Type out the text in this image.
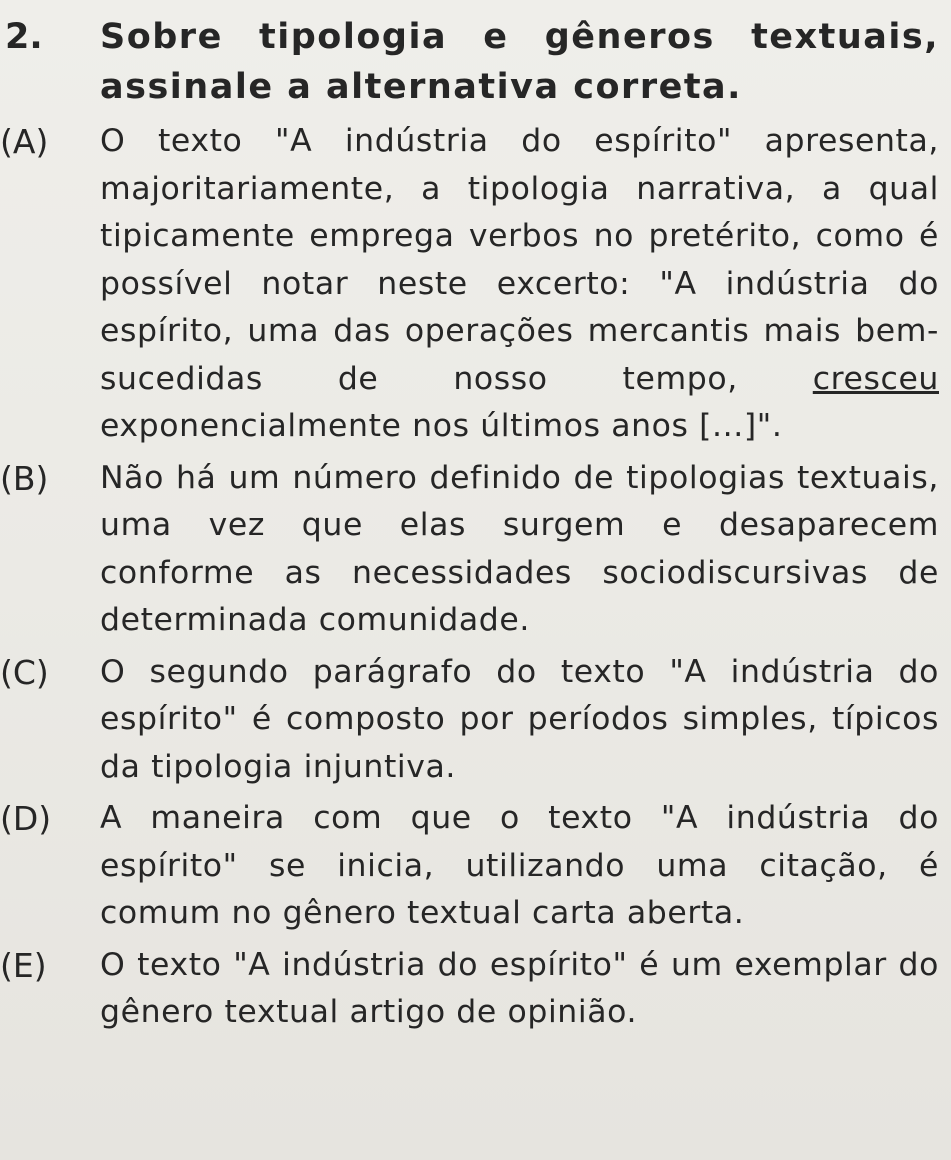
2. Sobre tipologia e gêneros textuais, assinale a alternativa correta.
(A) O texto "A indústria do espírito" apresenta, majoritariamente, a tipologia narrativa, a qual tipicamente emprega verbos no pretérito, como é possível notar neste excerto: "A indústria do espírito, uma das operações mercantis mais bem-sucedidas de nosso tempo, cresceu exponencialmente nos últimos anos [...]".
(B) Não há um número definido de tipologias textuais, uma vez que elas surgem e desaparecem conforme as necessidades sociodiscursivas de determinada comunidade.
(C) O segundo parágrafo do texto "A indústria do espírito" é composto por períodos simples, típicos da tipologia injuntiva.
(D) A maneira com que o texto "A indústria do espírito" se inicia, utilizando uma citação, é comum no gênero textual carta aberta.
(E) O texto "A indústria do espírito" é um exemplar do gênero textual artigo de opinião.
